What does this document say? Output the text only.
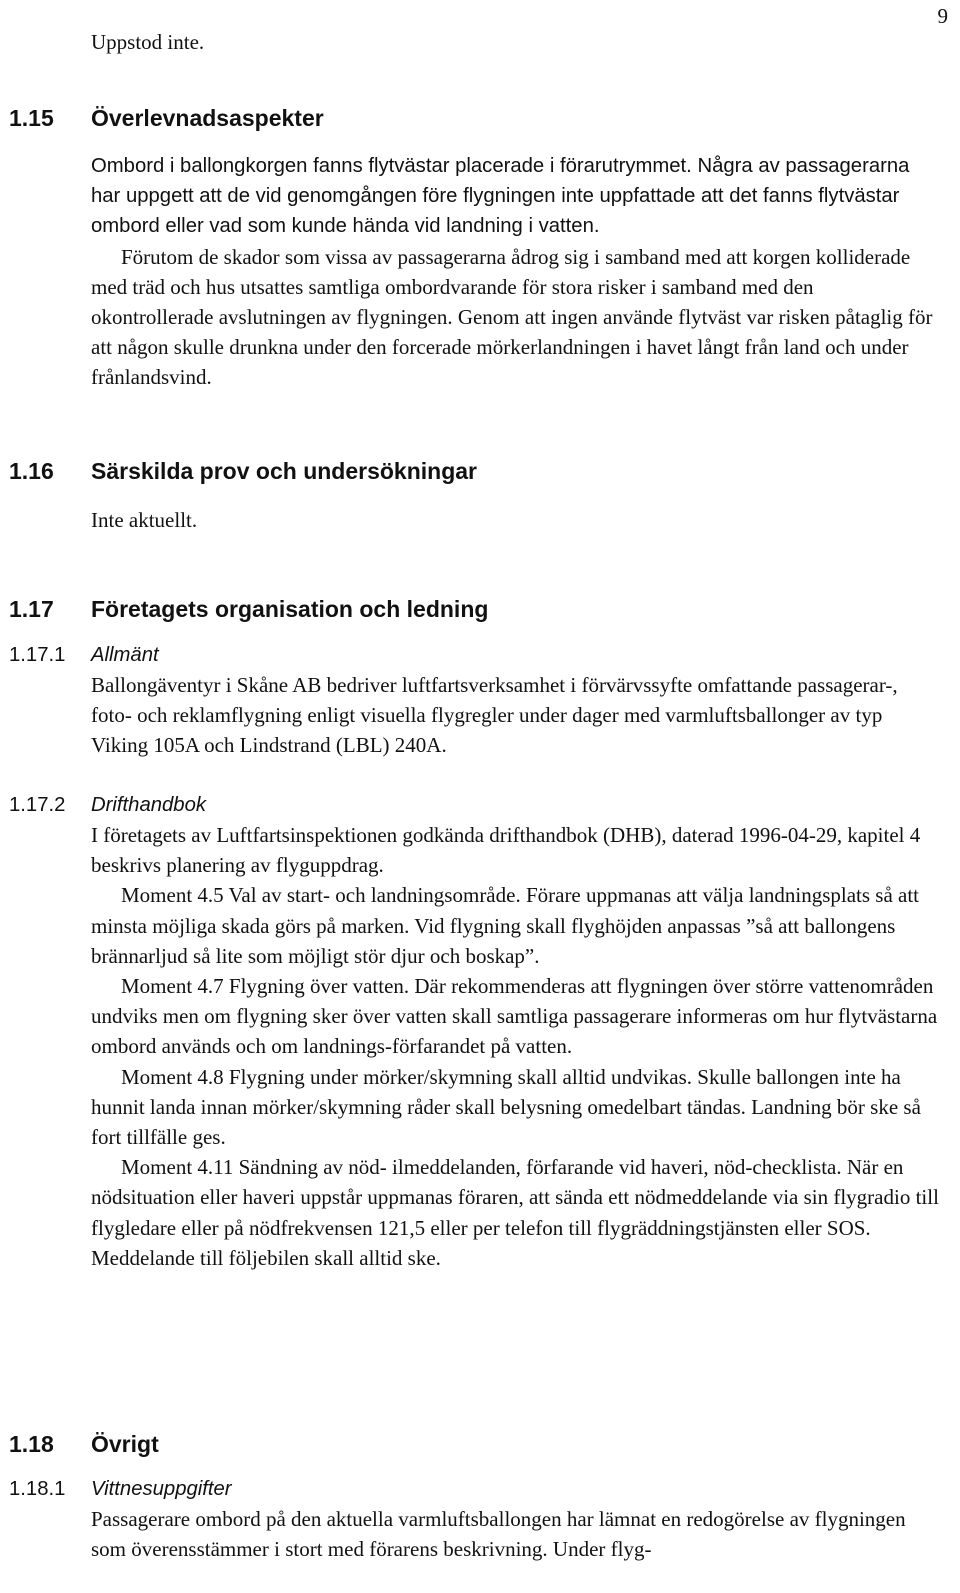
9

Uppstod inte.

1.15 Överlevnadsaspekter

Ombord i ballongkorgen fanns flytvästar placerade i förarutrymmet. Några av passagerarna har uppgett att de vid genomgången före flygningen inte uppfattade att det fanns flytvästar ombord eller vad som kunde hända vid landning i vatten.

Förutom de skador som vissa av passagerarna ådrog sig i samband med att korgen kolliderade med träd och hus utsattes samtliga ombordvarande för stora risker i samband med den okontrollerade avslutningen av flygningen. Genom att ingen använde flytväst var risken påtaglig för att någon skulle drunkna under den forcerade mörkerlandningen i havet långt från land och under frånlandsvind.

1.16 Särskilda prov och undersökningar

Inte aktuellt.

1.17 Företagets organisation och ledning
1.17.1 Allmänt

Ballongäventyr i Skåne AB bedriver luftfartsverksamhet i förvärvssyfte omfattande passagerar-, foto- och reklamflygning enligt visuella flygregler under dager med varmluftsballonger av typ Viking 105A och Lindstrand (LBL) 240A.

1.17.2 Drifthandbok

I företagets av Luftfartsinspektionen godkända drifthandbok (DHB), daterad 1996-04-29, kapitel 4 beskrivs planering av flyguppdrag.

Moment 4.5 Val av start- och landningsområde. Förare uppmanas att välja landningsplats så att minsta möjliga skada görs på marken. Vid flygning skall flyghöjden anpassas ”så att ballongens brännarljud så lite som möjligt stör djur och boskap”.

Moment 4.7 Flygning över vatten. Där rekommenderas att flygningen över större vattenområden undviks men om flygning sker över vatten skall samtliga passagerare informeras om hur flytvästarna ombord används och om landnings-förfarandet på vatten.

Moment 4.8 Flygning under mörker/skymning skall alltid undvikas. Skulle ballongen inte ha hunnit landa innan mörker/skymning råder skall belysning omedelbart tändas. Landning bör ske så fort tillfälle ges.

Moment 4.11 Sändning av nöd- ilmeddelanden, förfarande vid haveri, nöd-checklista. När en nödsituation eller haveri uppstår uppmanas föraren, att sända ett nödmeddelande via sin flygradio till flygledare eller på nödfrekvensen 121,5 eller per telefon till flygräddningstjänsten eller SOS. Meddelande till följebilen skall alltid ske.

1.18 Övrigt
1.18.1 Vittnesuppgifter

Passagerare ombord på den aktuella varmluftsballongen har lämnat en redogörelse av flygningen som överensstämmer i stort med förarens beskrivning. Under flyg-
